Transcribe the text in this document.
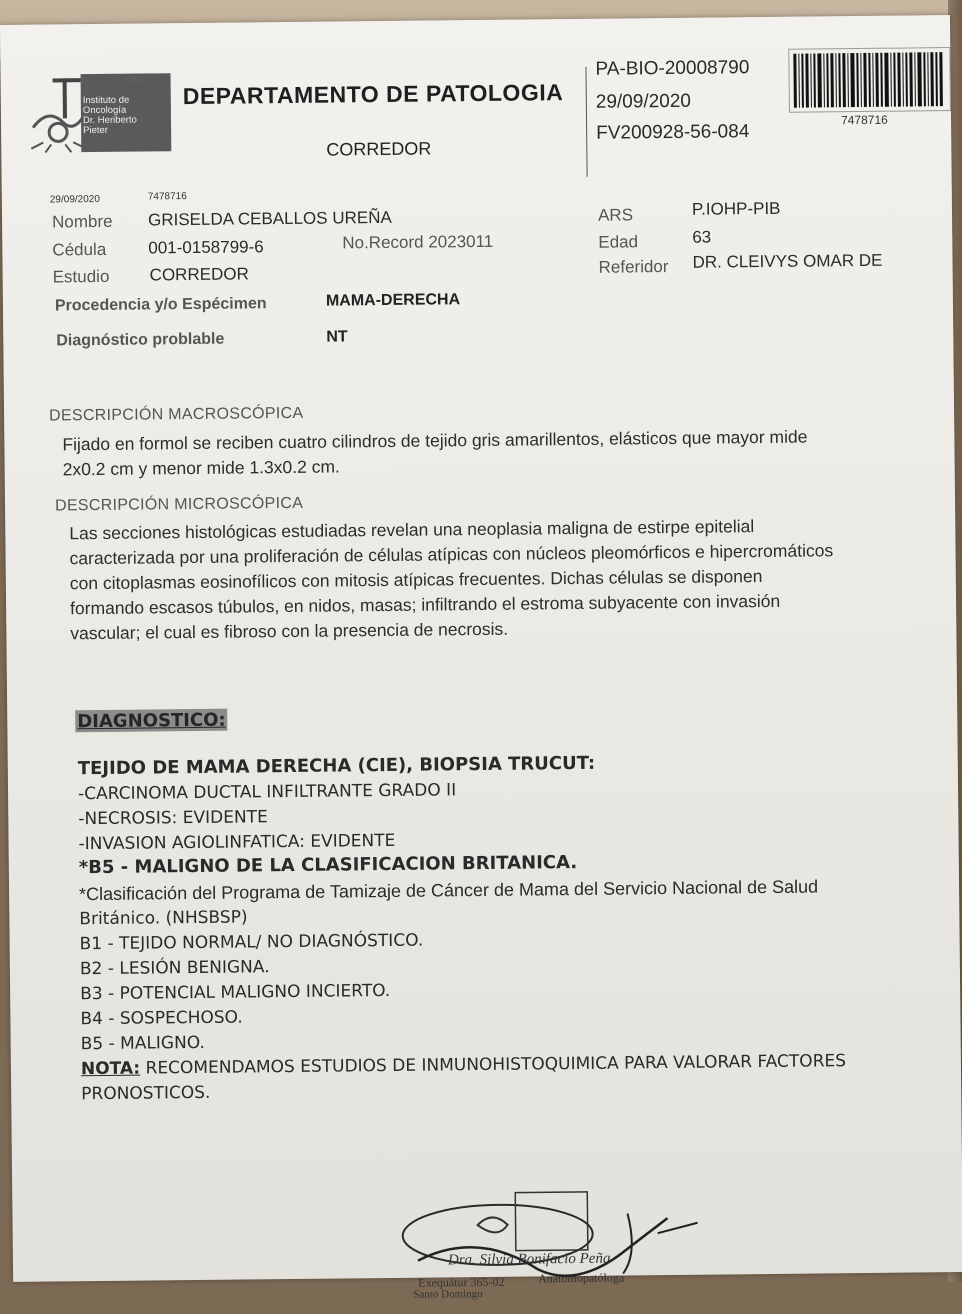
LDCC
Instituto de
Oncología
Dr. Heriberto
Pieter
DEPARTAMENTO DE PATOLOGIA
CORREDOR
PA-BIO-20008790
29/09/2020
FV200928-56-084
7478716
29/09/2020	7478716
Nombre GRISELDA CEBALLOS UREÑA
Cédula 001-0158799-6	No.Record 2023011
Estudio CORREDOR
Procedencia y/o Espécimen	MAMA-DERECHA
Diagnóstico problable	NT
ARS	P.IOHP-PIB
Edad	63
Referidor DR. CLEIVYS OMAR DE
DESCRIPCIÓN MACROSCÓPICA
Fijado en formol se reciben cuatro cilindros de tejido gris amarillentos, elásticos que mayor mide
2x0.2 cm y menor mide 1.3x0.2 cm.
DESCRIPCIÓN MICROSCÓPICA
Las secciones histológicas estudiadas revelan una neoplasia maligna de estirpe epitelial
caracterizada por una proliferación de células atípicas con núcleos pleomórficos e hipercromáticos
con citoplasmas eosinofílicos con mitosis atípicas frecuentes. Dichas células se disponen
formando escasos túbulos, en nidos, masas; infiltrando el estroma subyacente con invasión
vascular; el cual es fibroso con la presencia de necrosis.
DIAGNOSTICO:
TEJIDO DE MAMA DERECHA (CIE), BIOPSIA TRUCUT:
-CARCINOMA DUCTAL INFILTRANTE GRADO II
-NECROSIS: EVIDENTE
-INVASION AGIOLINFATICA: EVIDENTE
*B5 - MALIGNO DE LA CLASIFICACION BRITANICA.
*Clasificación del Programa de Tamizaje de Cáncer de Mama del Servicio Nacional de Salud
Británico. (NHSBSP)
B1 - TEJIDO NORMAL/ NO DIAGNÓSTICO.
B2 - LESIÓN BENIGNA.
B3 - POTENCIAL MALIGNO INCIERTO.
B4 - SOSPECHOSO.
B5 - MALIGNO.
NOTA: RECOMENDAMOS ESTUDIOS DE INMUNOHISTOQUIMICA PARA VALORAR FACTORES
PRONOSTICOS.
Dra. Silvia Bonifacio Peña
Exequátur 365-02	Anatomopatóloga
Santo Domingo
